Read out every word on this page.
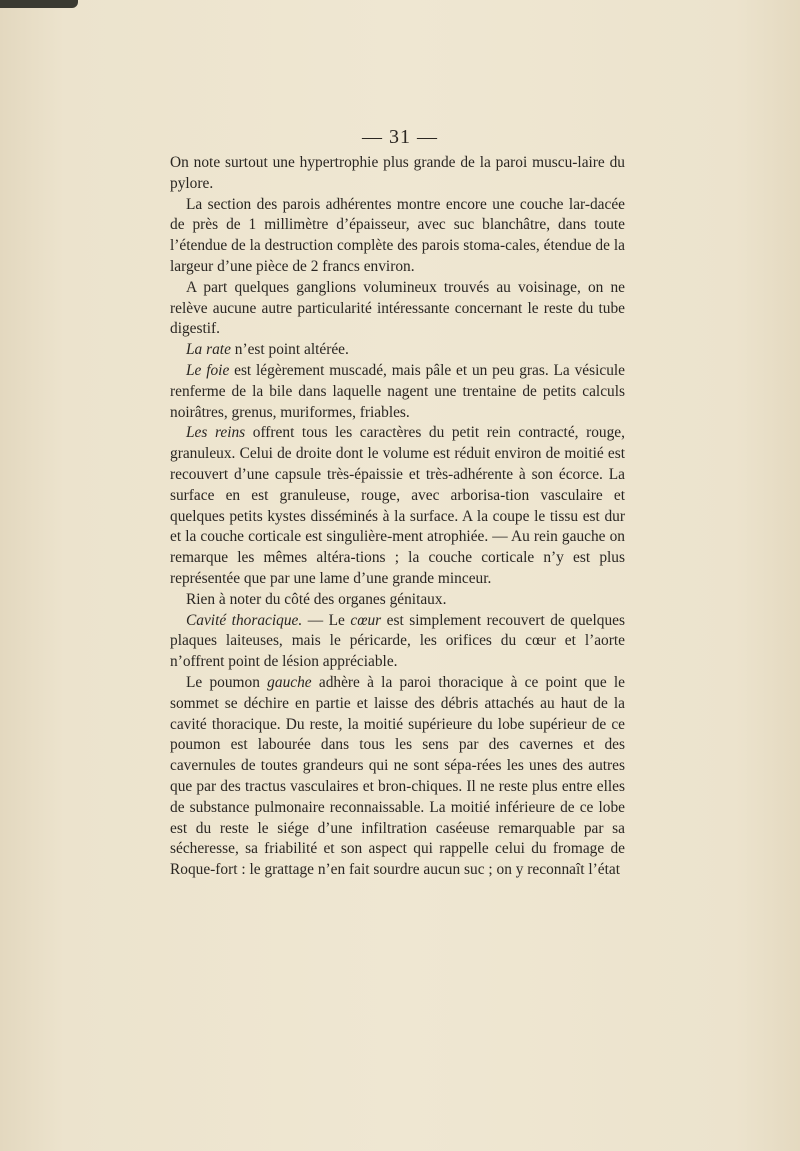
— 31 —

On note surtout une hypertrophie plus grande de la paroi muscu-laire du pylore.

La section des parois adhérentes montre encore une couche lar-dacée de près de 1 millimètre d’épaisseur, avec suc blanchâtre, dans toute l’étendue de la destruction complète des parois stoma-cales, étendue de la largeur d’une pièce de 2 francs environ.

A part quelques ganglions volumineux trouvés au voisinage, on ne relève aucune autre particularité intéressante concernant le reste du tube digestif.

La rate n’est point altérée.

Le foie est légèrement muscadé, mais pâle et un peu gras. La vésicule renferme de la bile dans laquelle nagent une trentaine de petits calculs noirâtres, grenus, muriformes, friables.

Les reins offrent tous les caractères du petit rein contracté, rouge, granuleux. Celui de droite dont le volume est réduit environ de moitié est recouvert d’une capsule très-épaissie et très-adhérente à son écorce. La surface en est granuleuse, rouge, avec arborisa-tion vasculaire et quelques petits kystes disséminés à la surface. A la coupe le tissu est dur et la couche corticale est singulière-ment atrophiée. — Au rein gauche on remarque les mêmes altéra-tions ; la couche corticale n’y est plus représentée que par une lame d’une grande minceur.

Rien à noter du côté des organes génitaux.

Cavité thoracique. — Le cœur est simplement recouvert de quelques plaques laiteuses, mais le péricarde, les orifices du cœur et l’aorte n’offrent point de lésion appréciable.

Le poumon gauche adhère à la paroi thoracique à ce point que le sommet se déchire en partie et laisse des débris attachés au haut de la cavité thoracique. Du reste, la moitié supérieure du lobe supérieur de ce poumon est labourée dans tous les sens par des cavernes et des cavernules de toutes grandeurs qui ne sont sépa-rées les unes des autres que par des tractus vasculaires et bron-chiques. Il ne reste plus entre elles de substance pulmonaire reconnaissable. La moitié inférieure de ce lobe est du reste le siége d’une infiltration caséeuse remarquable par sa sécheresse, sa friabilité et son aspect qui rappelle celui du fromage de Roque-fort : le grattage n’en fait sourdre aucun suc ; on y reconnaît l’état
